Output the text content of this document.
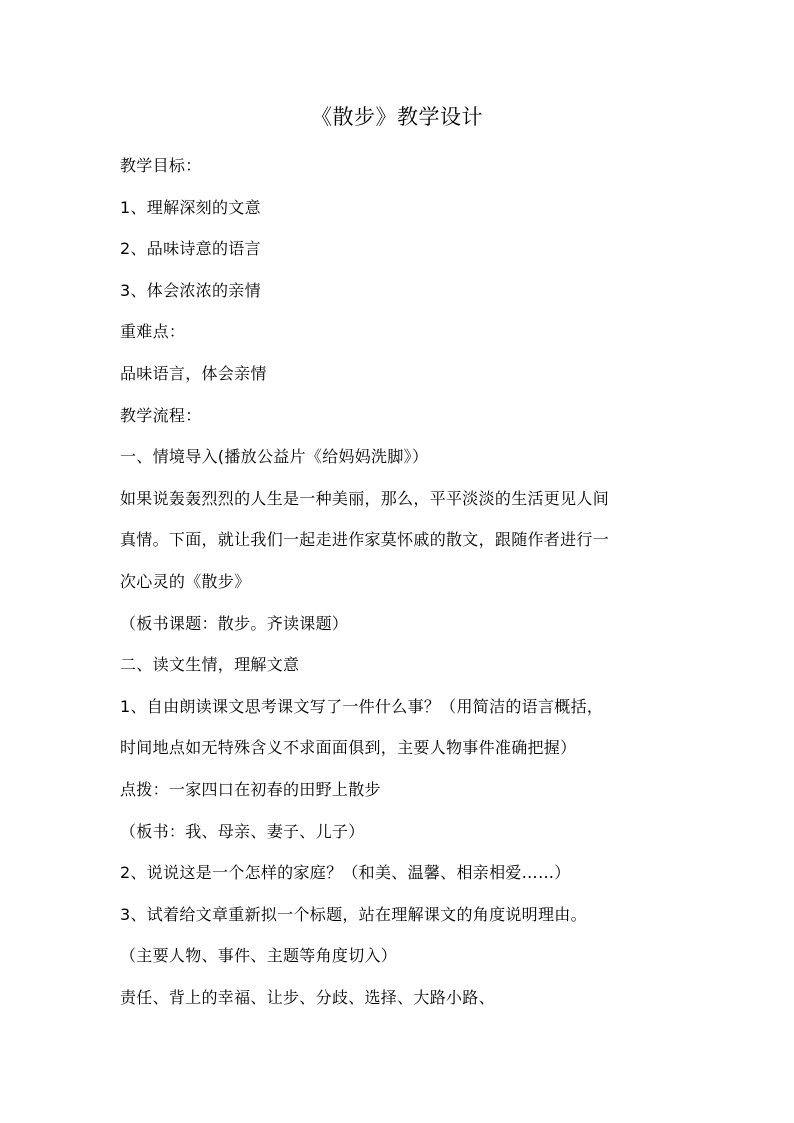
《散步》教学设计
教学目标：
1、理解深刻的文意
2、品味诗意的语言
3、体会浓浓的亲情
重难点：
品味语言，体会亲情
教学流程：
一、情境导入(播放公益片《给妈妈洗脚》）
如果说轰轰烈烈的人生是一种美丽，那么，平平淡淡的生活更见人间
真情。下面，就让我们一起走进作家莫怀戚的散文，跟随作者进行一
次心灵的《散步》
（板书课题：散步。齐读课题）
二、读文生情，理解文意
1、自由朗读课文思考课文写了一件什么事？（用简洁的语言概括，
时间地点如无特殊含义不求面面俱到，主要人物事件准确把握）
点拨：一家四口在初春的田野上散步
（板书：我、母亲、妻子、儿子）
2、说说这是一个怎样的家庭？（和美、温馨、相亲相爱……）
3、试着给文章重新拟一个标题，站在理解课文的角度说明理由。
（主要人物、事件、主题等角度切入）
责任、背上的幸福、让步、分歧、选择、大路小路、
